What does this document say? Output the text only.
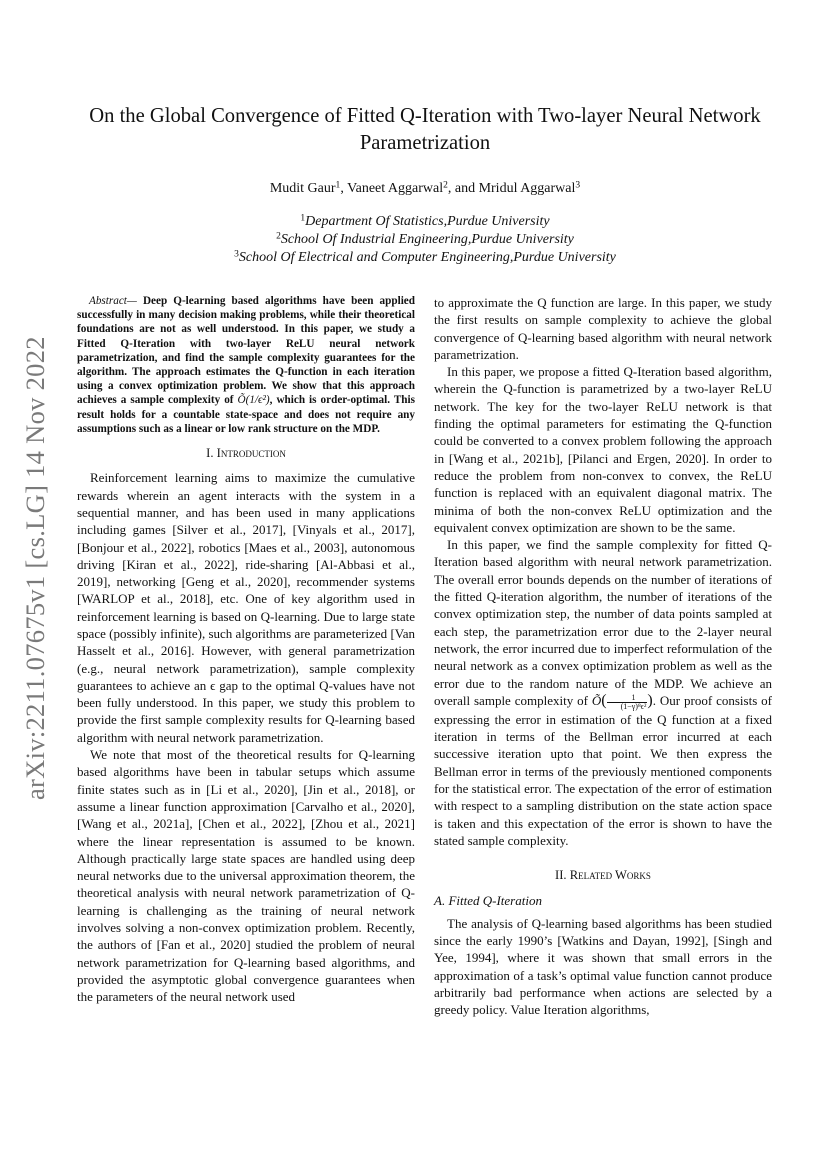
arXiv:2211.07675v1 [cs.LG] 14 Nov 2022
On the Global Convergence of Fitted Q-Iteration with Two-layer Neural Network Parametrization
Mudit Gaur$^1$, Vaneet Aggarwal$^2$, and Mridul Aggarwal$^3$
$^1$Department Of Statistics,Purdue University
$^2$School Of Industrial Engineering,Purdue University
$^3$School Of Electrical and Computer Engineering,Purdue University

Abstract— Deep Q-learning based algorithms have been applied successfully in many decision making problems, while their theoretical foundations are not as well understood. In this paper, we study a Fitted Q-Iteration with two-layer ReLU neural network parametrization, and find the sample complexity guarantees for the algorithm. The approach estimates the Q-function in each iteration using a convex optimization problem. We show that this approach achieves a sample complexity of Õ(1/ϵ²), which is order-optimal. This result holds for a countable state-space and does not require any assumptions such as a linear or low rank structure on the MDP.

I. Introduction

Reinforcement learning aims to maximize the cumulative rewards wherein an agent interacts with the system in a sequential manner, and has been used in many applications including games [Silver et al., 2017], [Vinyals et al., 2017], [Bonjour et al., 2022], robotics [Maes et al., 2003], autonomous driving [Kiran et al., 2022], ride-sharing [Al-Abbasi et al., 2019], networking [Geng et al., 2020], recommender systems [WARLOP et al., 2018], etc. One of key algorithm used in reinforcement learning is based on Q-learning. Due to large state space (possibly infinite), such algorithms are parameterized [Van Hasselt et al., 2016]. However, with general parametrization (e.g., neural network parametrization), sample complexity guarantees to achieve an ϵ gap to the optimal Q-values have not been fully understood. In this paper, we study this problem to provide the first sample complexity results for Q-learning based algorithm with neural network parametrization.

We note that most of the theoretical results for Q-learning based algorithms have been in tabular setups which assume finite states such as in [Li et al., 2020], [Jin et al., 2018], or assume a linear function approximation [Carvalho et al., 2020], [Wang et al., 2021a], [Chen et al., 2022], [Zhou et al., 2021] where the linear representation is assumed to be known. Although practically large state spaces are handled using deep neural networks due to the universal approximation theorem, the theoretical analysis with neural network parametrization of Q-learning is challenging as the training of neural network involves solving a non-convex optimization problem. Recently, the authors of [Fan et al., 2020] studied the problem of neural network parametrization for Q-learning based algorithms, and provided the asymptotic global convergence guarantees when the parameters of the neural network used

to approximate the Q function are large. In this paper, we study the first results on sample complexity to achieve the global convergence of Q-learning based algorithm with neural network parametrization.

In this paper, we propose a fitted Q-Iteration based algorithm, wherein the Q-function is parametrized by a two-layer ReLU network. The key for the two-layer ReLU network is that finding the optimal parameters for estimating the Q-function could be converted to a convex problem following the approach in [Wang et al., 2021b], [Pilanci and Ergen, 2020]. In order to reduce the problem from non-convex to convex, the ReLU function is replaced with an equivalent diagonal matrix. The minima of both the non-convex ReLU optimization and the equivalent convex optimization are shown to be the same.

In this paper, we find the sample complexity for fitted Q-Iteration based algorithm with neural network parametrization. The overall error bounds depends on the number of iterations of the fitted Q-iteration algorithm, the number of iterations of the convex optimization step, the number of data points sampled at each step, the parametrization error due to the 2-layer neural network, the error incurred due to imperfect reformulation of the neural network as a convex optimization problem as well as the error due to the random nature of the MDP. We achieve an overall sample complexity of Õ( $\frac{1}{\text{(1−γ)⁸ϵ²}}$ ). Our proof consists of expressing the error in estimation of the Q function at a fixed iteration in terms of the Bellman error incurred at each successive iteration upto that point. We then express the Bellman error in terms of the previously mentioned components for the statistical error. The expectation of the error of estimation with respect to a sampling distribution on the state action space is taken and this expectation of the error is shown to have the stated sample complexity.

II. Related Works
A. Fitted Q-Iteration

The analysis of Q-learning based algorithms has been studied since the early 1990’s [Watkins and Dayan, 1992], [Singh and Yee, 1994], where it was shown that small errors in the approximation of a task’s optimal value function cannot produce arbitrarily bad performance when actions are selected by a greedy policy. Value Iteration algorithms,
